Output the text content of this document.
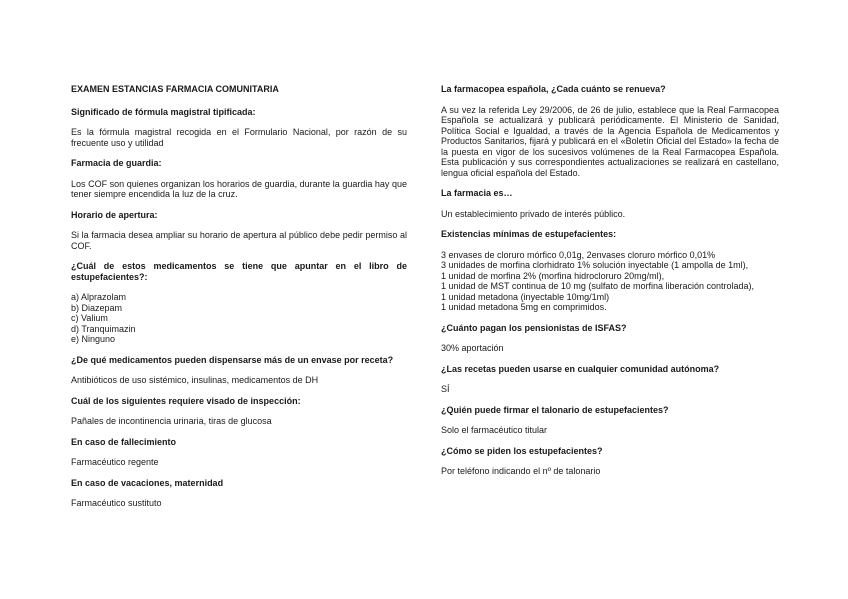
EXAMEN ESTANCIAS FARMACIA COMUNITARIA
Significado de fórmula magistral tipificada:
Es la fórmula magistral recogida en el Formulario Nacional, por razón de su frecuente uso y utilidad
Farmacia de guardia:
Los COF son quienes organizan los horarios de guardia, durante la guardia hay que tener siempre encendida la luz de la cruz.
Horario de apertura:
Si la farmacia desea ampliar su horario de apertura al público debe pedir permiso al COF.
¿Cuál de estos medicamentos se tiene que apuntar en el libro de estupefacientes?:
a) Alprazolam
b) Diazepam
c) Valium
d) Tranquimazin
e) Ninguno
¿De qué medicamentos pueden dispensarse más de un envase por receta?
Antibióticos de uso sistémico, insulinas, medicamentos de DH
Cuál de los siguientes requiere visado de inspección:
Pañales de incontinencia urinaria, tiras de glucosa
En caso de fallecimiento
Farmacéutico regente
En caso de vacaciones, maternidad
Farmacéutico sustituto
La farmacopea española, ¿Cada cuánto se renueva?
A su vez la referida Ley 29/2006, de 26 de julio, establece que la Real Farmacopea Española se actualizará y publicará periódicamente. El Ministerio de Sanidad, Política Social e Igualdad, a través de la Agencia Española de Medicamentos y Productos Sanitarios, fijará y publicará en el «Boletín Oficial del Estado» la fecha de la puesta en vigor de los sucesivos volúmenes de la Real Farmacopea Española. Esta publicación y sus correspondientes actualizaciones se realizará en castellano, lengua oficial española del Estado.
La farmacia es…
Un establecimiento privado de interés público.
Existencias mínimas de estupefacientes:
3 envases de cloruro mórfico 0,01g, 2envases cloruro mórfico 0,01%
3 unidades de morfina clorhidrato 1% solución inyectable (1 ampolla de 1ml),
1 unidad de morfina 2% (morfina hidrocloruro 20mg/ml),
1 unidad de MST continua de 10 mg (sulfato de morfina liberación controlada),
1 unidad metadona (inyectable 10mg/1ml)
1 unidad metadona 5mg en comprimidos.
¿Cuánto pagan los pensionistas de ISFAS?
30% aportación
¿Las recetas pueden usarse en cualquier comunidad autónoma?
SÍ
¿Quién puede firmar el talonario de estupefacientes?
Solo el farmacéutico titular
¿Cómo se piden los estupefacientes?
Por teléfono indicando el nº de talonario
